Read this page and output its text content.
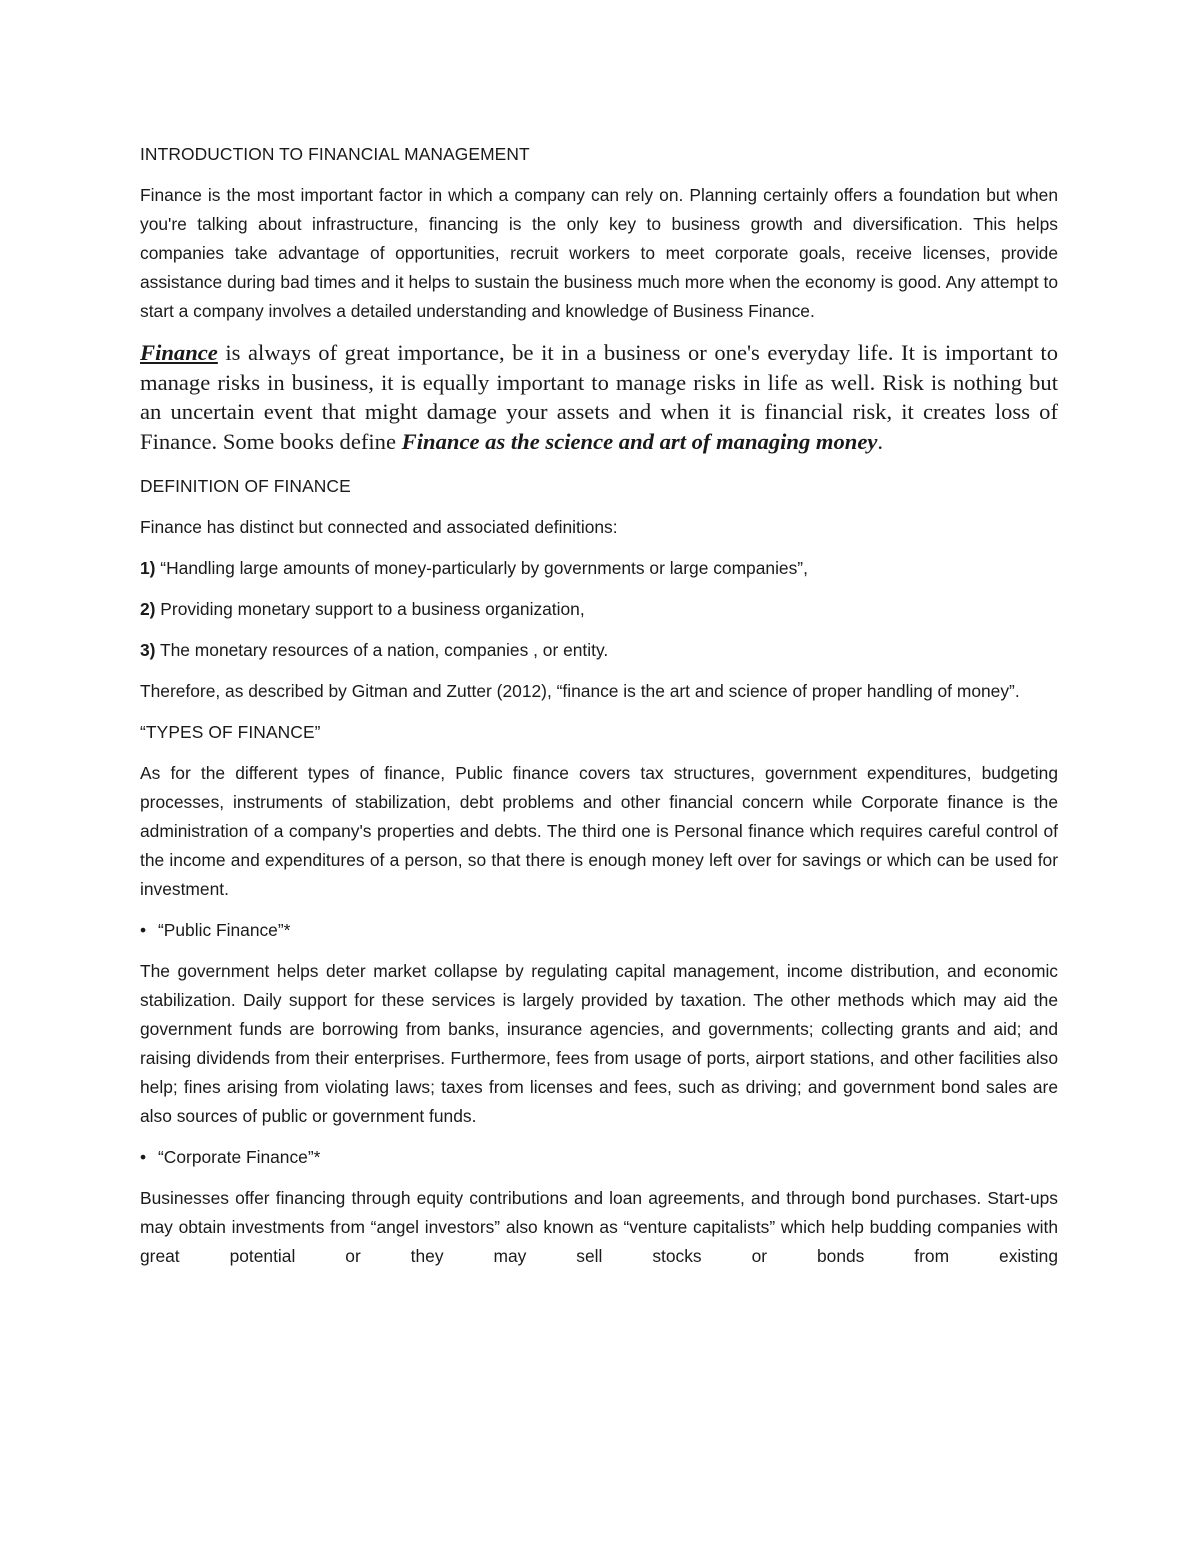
INTRODUCTION TO FINANCIAL MANAGEMENT

Finance is the most important factor in which a company can rely on. Planning certainly offers a foundation but when you're talking about infrastructure, financing is the only key to business growth and diversification. This helps companies take advantage of opportunities, recruit workers to meet corporate goals, receive licenses, provide assistance during bad times and it helps to sustain the business much more when the economy is good. Any attempt to start a company involves a detailed understanding and knowledge of Business Finance.

Finance is always of great importance, be it in a business or one's everyday life. It is important to manage risks in business, it is equally important to manage risks in life as well. Risk is nothing but an uncertain event that might damage your assets and when it is financial risk, it creates loss of Finance. Some books define Finance as the science and art of managing money.

DEFINITION OF FINANCE

Finance has distinct but connected and associated definitions:

1) “Handling large amounts of money-particularly by governments or large companies”,

2) Providing monetary support to a business organization,

3) The monetary resources of a nation, companies , or entity.

Therefore, as described by Gitman and Zutter (2012), “finance is the art and science of proper handling of money”.

“TYPES OF FINANCE”

As for the different types of finance, Public finance covers tax structures, government expenditures, budgeting processes, instruments of stabilization, debt problems and other financial concern while Corporate finance is the administration of a company's properties and debts. The third one is Personal finance which requires careful control of the income and expenditures of a person, so that there is enough money left over for savings or which can be used for investment.

• “Public Finance”*

The government helps deter market collapse by regulating capital management, income distribution, and economic stabilization. Daily support for these services is largely provided by taxation. The other methods which may aid the government funds are borrowing from banks, insurance agencies, and governments; collecting grants and aid; and raising dividends from their enterprises. Furthermore, fees from usage of ports, airport stations, and other facilities also help; fines arising from violating laws; taxes from licenses and fees, such as driving; and government bond sales are also sources of public or government funds.

• “Corporate Finance”*

Businesses offer financing through equity contributions and loan agreements, and through bond purchases. Start-ups may obtain investments from “angel investors” also known as “venture capitalists” which help budding companies with great potential or they may sell stocks or bonds from existing
